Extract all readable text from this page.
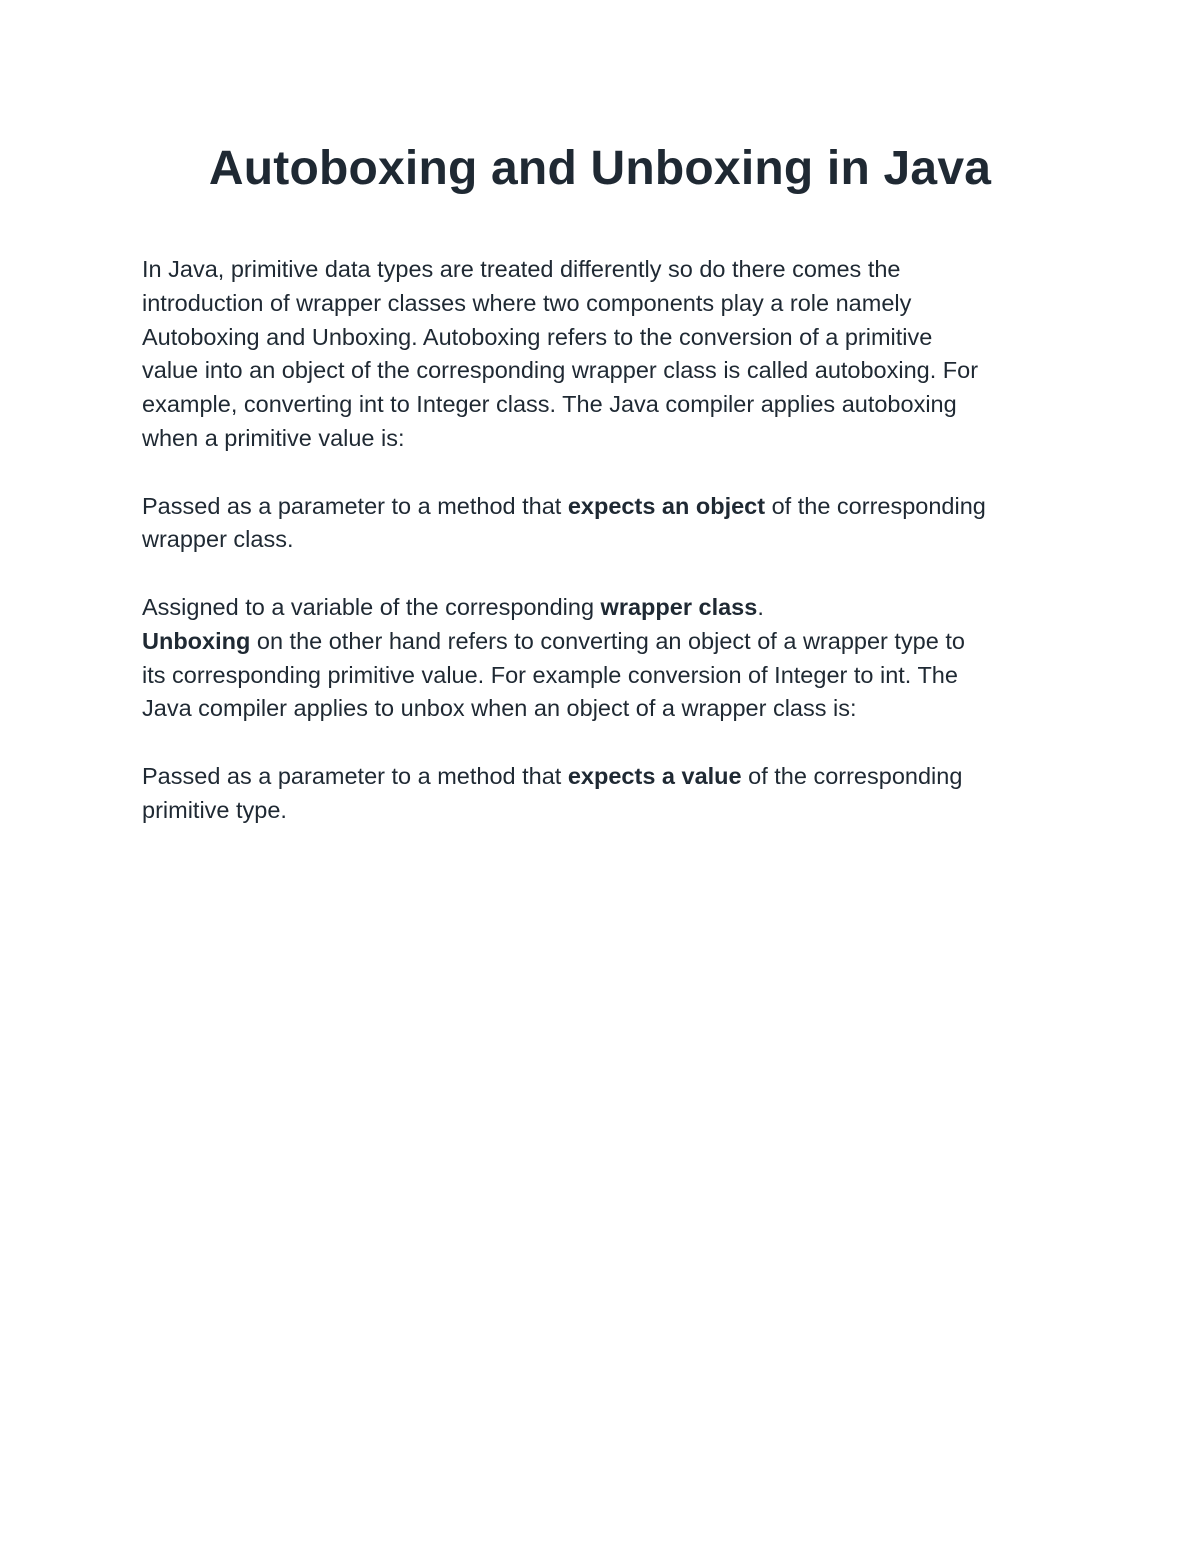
Autoboxing and Unboxing in Java

In Java, primitive data types are treated differently so do there comes the

introduction of wrapper classes where two components play a role namely

Autoboxing and Unboxing. Autoboxing refers to the conversion of a primitive

value into an object of the corresponding wrapper class is called autoboxing. For

example, converting int to Integer class. The Java compiler applies autoboxing

when a primitive value is:

Passed as a parameter to a method that expects an object of the corresponding

wrapper class.

Assigned to a variable of the corresponding wrapper class.

Unboxing on the other hand refers to converting an object of a wrapper type to

its corresponding primitive value. For example conversion of Integer to int. The

Java compiler applies to unbox when an object of a wrapper class is:

Passed as a parameter to a method that expects a value of the corresponding

primitive type.
